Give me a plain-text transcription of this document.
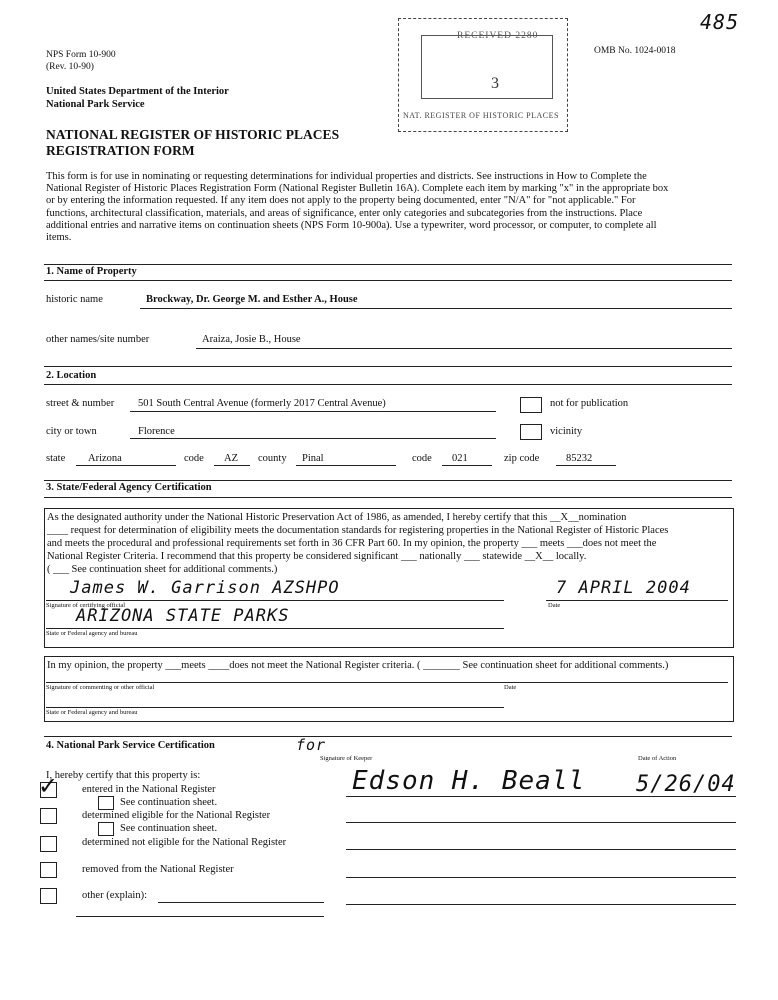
485
NPS Form 10-900
(Rev. 10-90)
OMB No. 1024-0018
United States Department of the Interior
National Park Service
NATIONAL REGISTER OF HISTORIC PLACES
REGISTRATION FORM
RECEIVED 2280
3
NAT. REGISTER OF HISTORIC PLACES
This form is for use in nominating or requesting determinations for individual properties and districts. See instructions in How to Complete the
National Register of Historic Places Registration Form (National Register Bulletin 16A). Complete each item by marking "x" in the appropriate box
or by entering the information requested. If any item does not apply to the property being documented, enter "N/A" for "not applicable." For
functions, architectural classification, materials, and areas of significance, enter only categories and subcategories from the instructions. Place
additional entries and narrative items on continuation sheets (NPS Form 10-900a). Use a typewriter, word processor, or computer, to complete all
items.
1. Name of Property
historic name	Brockway, Dr. George M. and Esther A., House
other names/site number	Araiza, Josie B., House
2. Location
street & number 501 South Central Avenue (formerly 2017 Central Avenue)	not for publication
city or town	Florence	vicinity
state Arizona	code AZ county Pinal	code 021	zip code	85232
3. State/Federal Agency Certification
As the designated authority under the National Historic Preservation Act of 1986, as amended, I hereby certify that this __X__nomination
____ request for determination of eligibility meets the documentation standards for registering properties in the National Register of Historic Places
and meets the procedural and professional requirements set forth in 36 CFR Part 60. In my opinion, the property ___ meets ___does not meet the
National Register Criteria. I recommend that this property be considered significant ___ nationally ___ statewide __X__ locally.
( ___ See continuation sheet for additional comments.)
James W. Garrison AZSHPO	7 APRIL 2004
Signature of certifying official	Date
ARIZONA STATE PARKS
State or Federal agency and bureau
In my opinion, the property ___meets ____does not meet the National Register criteria. ( _______ See continuation sheet for additional comments.)
Signature of commenting or other official	Date
State or Federal agency and bureau
4. National Park Service Certification	for
Signature of Keeper	Date of Action
Edson H. Beall 5/26/04
I, hereby certify that this property is:
✓ entered in the National Register
See continuation sheet.
determined eligible for the National Register
See continuation sheet.
determined not eligible for the National Register
removed from the National Register
other (explain):
